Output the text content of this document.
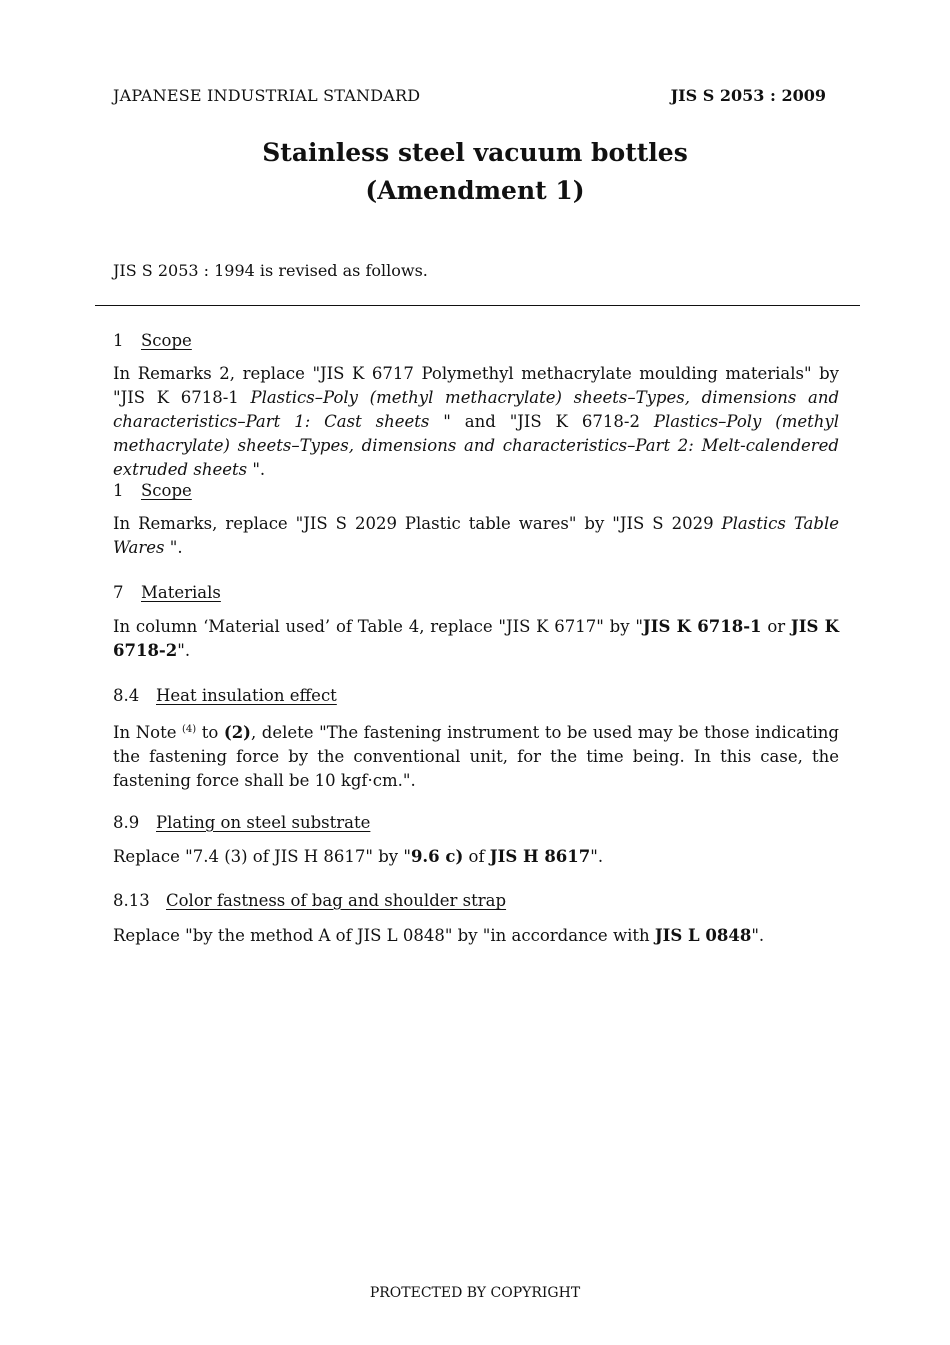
JAPANESE INDUSTRIAL STANDARD	JIS S 2053 : 2009
Stainless steel vacuum bottles
(Amendment 1)
JIS S 2053 : 1994 is revised as follows.
1 Scope
In Remarks 2, replace "JIS K 6717 Polymethyl methacrylate moulding materials" by "JIS K 6718-1 Plastics–Poly (methyl methacrylate) sheets–Types, dimensions and characteristics–Part 1: Cast sheets " and "JIS K 6718-2 Plastics–Poly (methyl methacrylate) sheets–Types, dimensions and characteristics–Part 2: Melt-calendered extruded sheets ".
1 Scope
In Remarks, replace "JIS S 2029 Plastic table wares" by "JIS S 2029 Plastics Table Wares ".
7 Materials
In column ‘Material used’ of Table 4, replace "JIS K 6717" by "JIS K 6718-1 or JIS K 6718-2".
8.4 Heat insulation effect
In Note $^{(4)}$ to (2), delete "The fastening instrument to be used may be those indicating the fastening force by the conventional unit, for the time being. In this case, the fastening force shall be 10 kgf·cm.".
8.9 Plating on steel substrate
Replace "7.4 (3) of JIS H 8617" by "9.6 c) of JIS H 8617".
8.13 Color fastness of bag and shoulder strap
Replace "by the method A of JIS L 0848" by "in accordance with JIS L 0848".
PROTECTED BY COPYRIGHT
